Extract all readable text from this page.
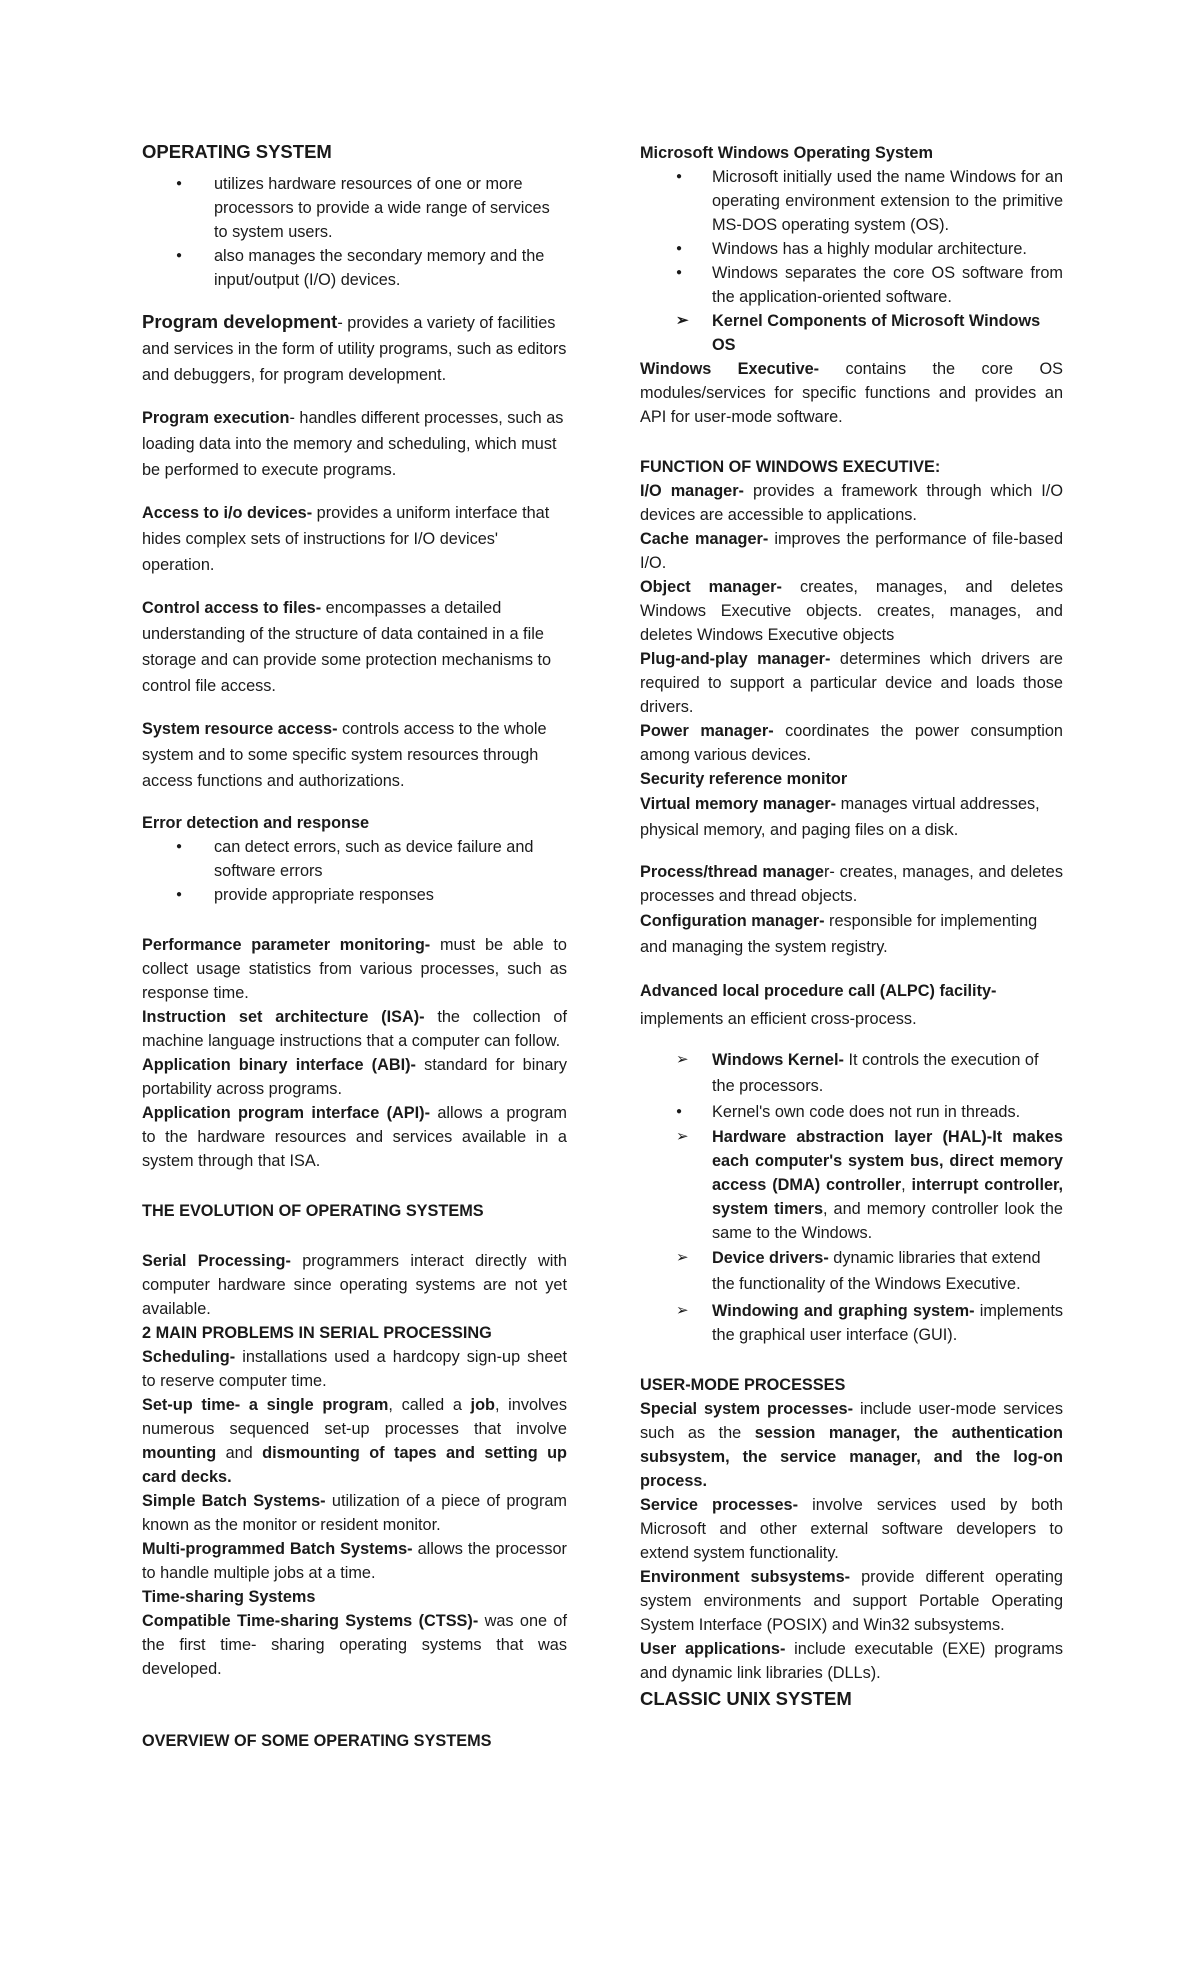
OPERATING SYSTEM

● utilizes hardware resources of one or more processors to provide a wide range of services to system users.
● also manages the secondary memory and the input/output (I/O) devices.

Program development- provides a variety of facilities and services in the form of utility programs, such as editors and debuggers, for program development.

Program execution- handles different processes, such as loading data into the memory and scheduling, which must be performed to execute programs.

Access to i/o devices- provides a uniform interface that hides complex sets of instructions for I/O devices' operation.

Control access to files- encompasses a detailed understanding of the structure of data contained in a file storage and can provide some protection mechanisms to control file access.

System resource access- controls access to the whole system and to some specific system resources through access functions and authorizations.

Error detection and response

● can detect errors, such as device failure and software errors
● provide appropriate responses

Performance parameter monitoring- must be able to collect usage statistics from various processes, such as response time.

Instruction set architecture (ISA)- the collection of machine language instructions that a computer can follow.

Application binary interface (ABI)- standard for binary portability across programs.

Application program interface (API)- allows a program to the hardware resources and services available in a system through that ISA.

THE EVOLUTION OF OPERATING SYSTEMS

Serial Processing- programmers interact directly with computer hardware since operating systems are not yet available.

2 MAIN PROBLEMS IN SERIAL PROCESSING

Scheduling- installations used a hardcopy sign-up sheet to reserve computer time.

Set-up time- a single program, called a job, involves numerous sequenced set-up processes that involve mounting and dismounting of tapes and setting up card decks.

Simple Batch Systems- utilization of a piece of program known as the monitor or resident monitor.

Multi-programmed Batch Systems- allows the processor to handle multiple jobs at a time.

Time-sharing Systems

Compatible Time-sharing Systems (CTSS)- was one of the first time- sharing operating systems that was developed.

OVERVIEW OF SOME OPERATING SYSTEMS

Microsoft Windows Operating System

● Microsoft initially used the name Windows for an operating environment extension to the primitive MS-DOS operating system (OS).
● Windows has a highly modular architecture.
● Windows separates the core OS software from the application-oriented software.
➢ Kernel Components of Microsoft Windows OS

Windows Executive- contains the core OS modules/services for specific functions and provides an API for user-mode software.

FUNCTION OF WINDOWS EXECUTIVE:

I/O manager- provides a framework through which I/O devices are accessible to applications.

Cache manager- improves the performance of file-based I/O.

Object manager- creates, manages, and deletes Windows Executive objects. creates, manages, and deletes Windows Executive objects

Plug-and-play manager- determines which drivers are required to support a particular device and loads those drivers.

Power manager- coordinates the power consumption among various devices.

Security reference monitor

Virtual memory manager- manages virtual addresses, physical memory, and paging files on a disk.

Process/thread manager- creates, manages, and deletes processes and thread objects.

Configuration manager- responsible for implementing and managing the system registry.

Advanced local procedure call (ALPC) facility-
implements an efficient cross-process.

➢ Windows Kernel- It controls the execution of the processors.
● Kernel's own code does not run in threads.
➢ Hardware abstraction layer (HAL)-It makes each computer's system bus, direct memory access (DMA) controller, interrupt controller, system timers, and memory controller look the same to the Windows.
➢ Device drivers- dynamic libraries that extend the functionality of the Windows Executive.
➢ Windowing and graphing system- implements the graphical user interface (GUI).

USER-MODE PROCESSES

Special system processes- include user-mode services such as the session manager, the authentication subsystem, the service manager, and the log-on process.

Service processes- involve services used by both Microsoft and other external software developers to extend system functionality.

Environment subsystems- provide different operating system environments and support Portable Operating System Interface (POSIX) and Win32 subsystems.

User applications- include executable (EXE) programs and dynamic link libraries (DLLs).

CLASSIC UNIX SYSTEM
